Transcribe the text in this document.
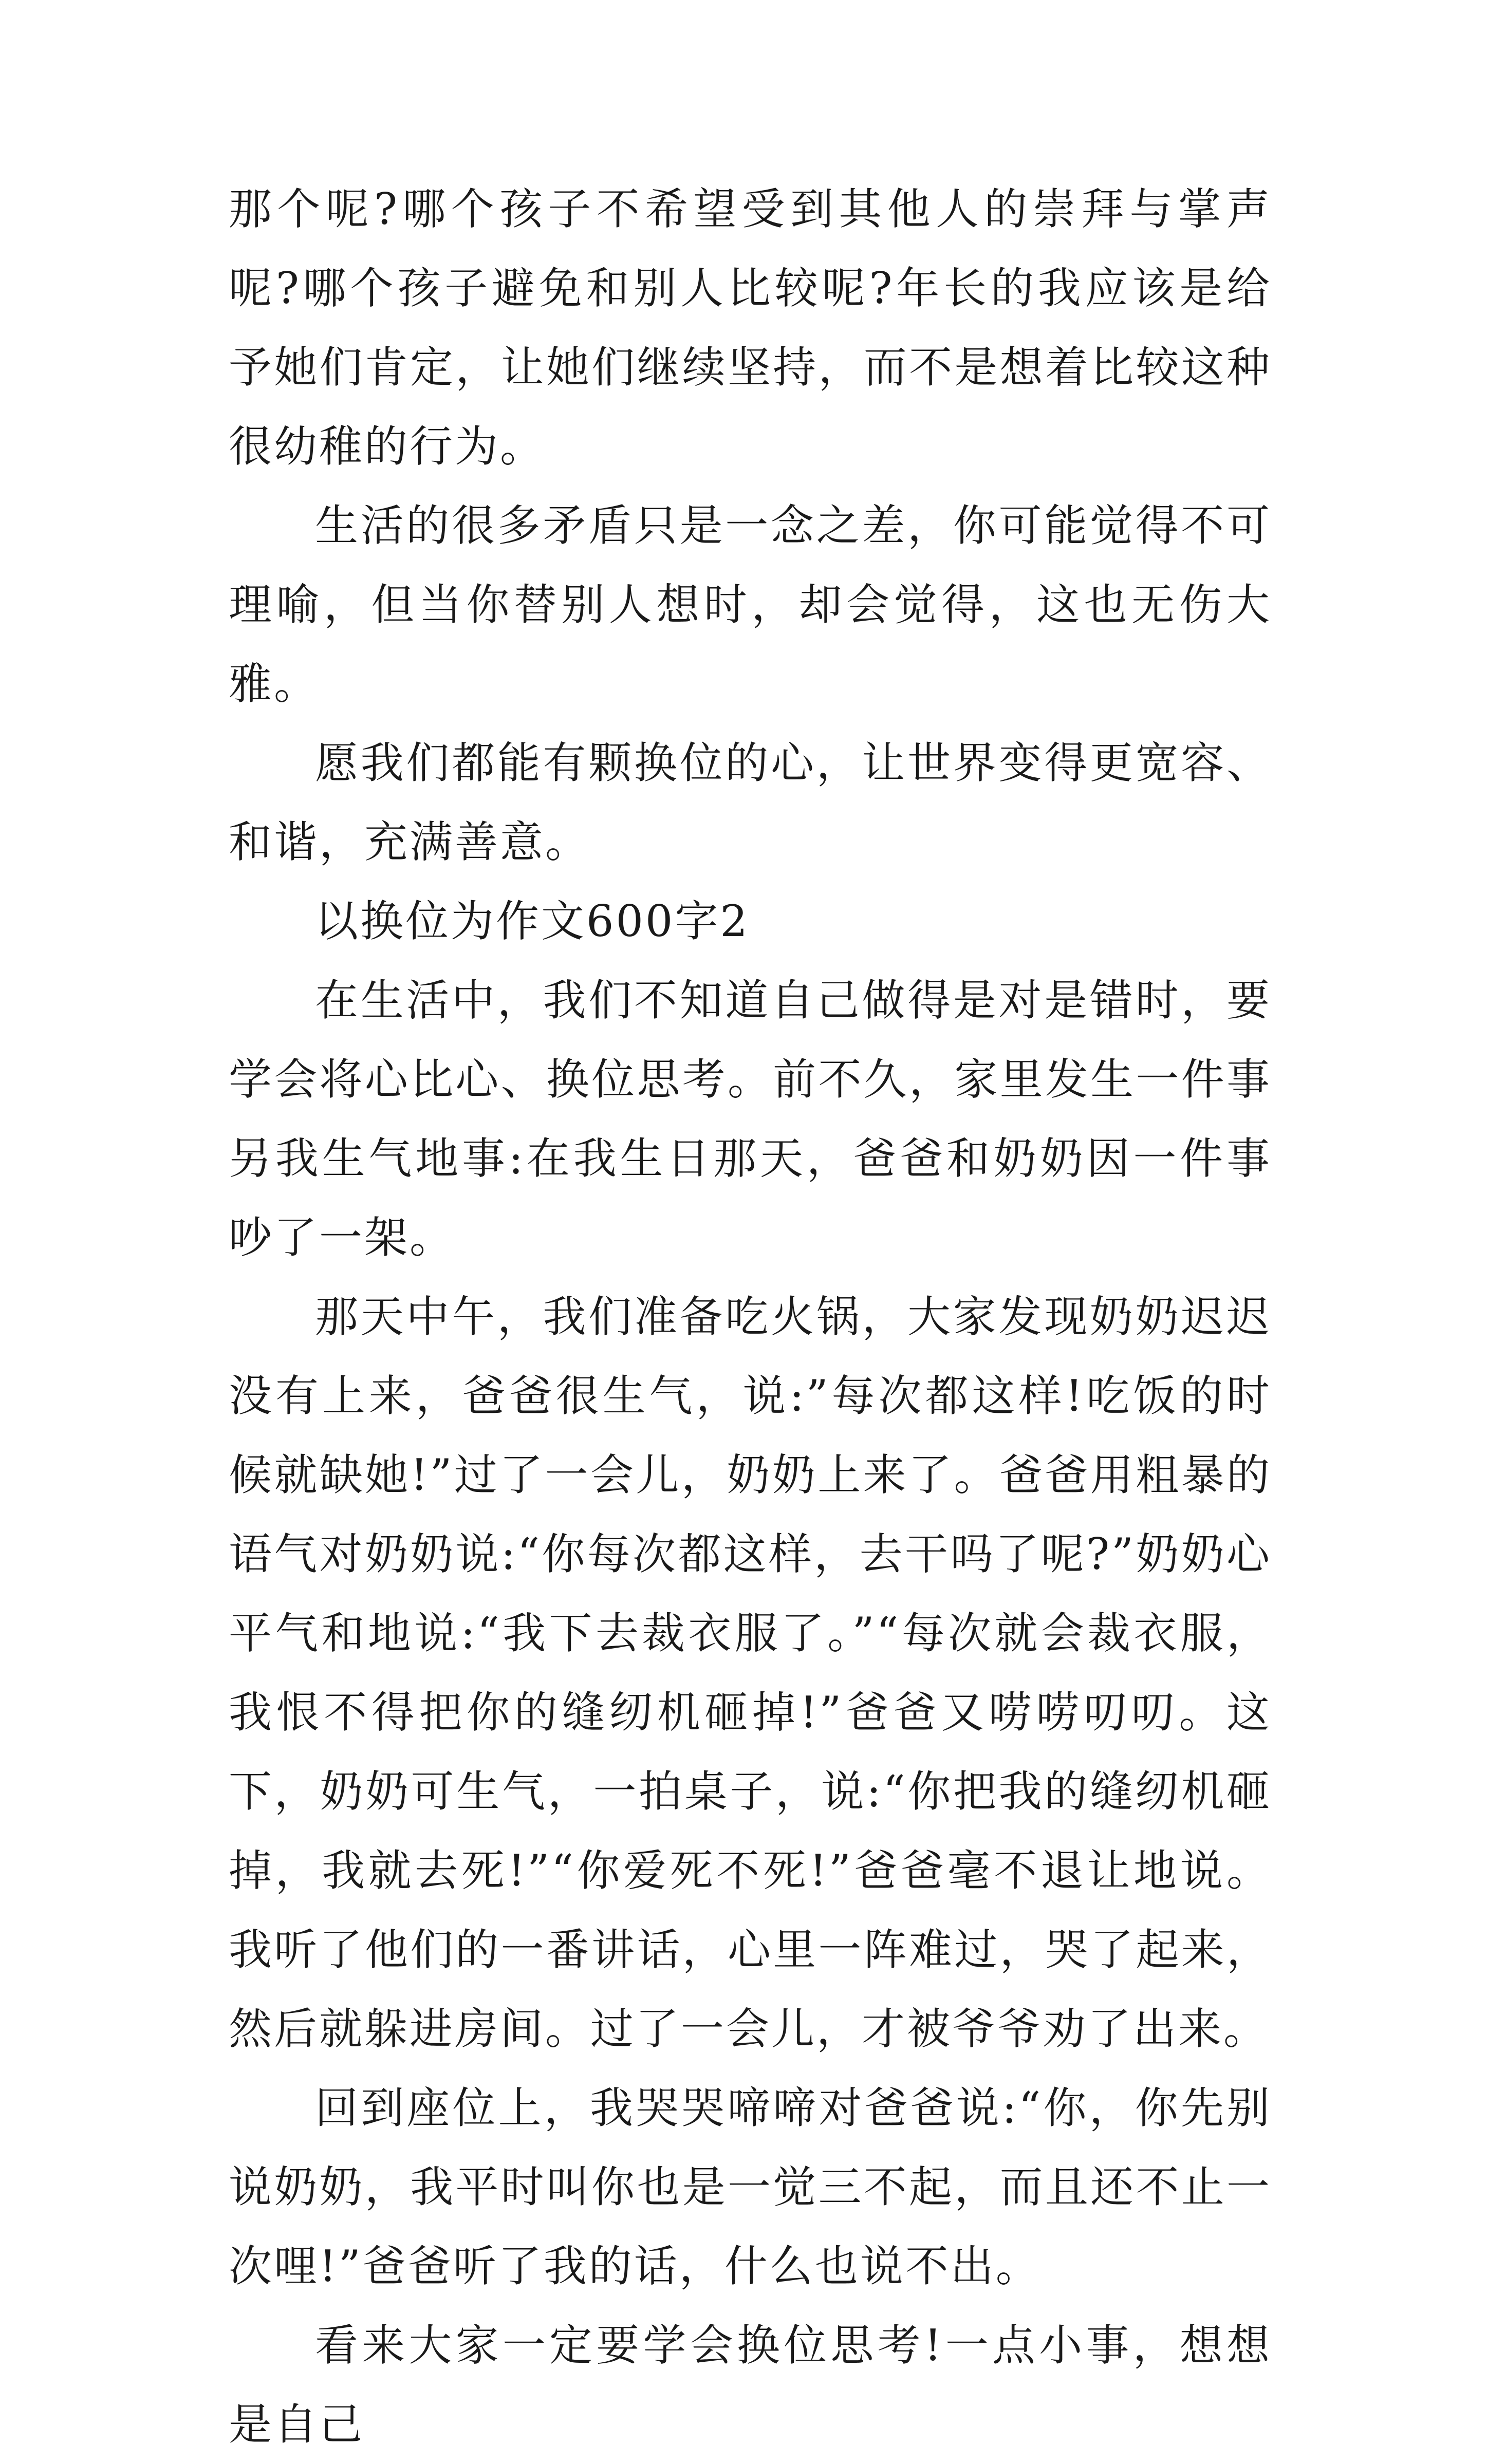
那个呢?哪个孩子不希望受到其他人的崇拜与掌声呢?哪个孩子避免和别人比较呢?年长的我应该是给予她们肯定，让她们继续坚持，而不是想着比较这种很幼稚的行为。

生活的很多矛盾只是一念之差，你可能觉得不可理喻，但当你替别人想时，却会觉得，这也无伤大雅。

愿我们都能有颗换位的心，让世界变得更宽容、和谐，充满善意。

以换位为作文600字2

在生活中，我们不知道自己做得是对是错时，要学会将心比心、换位思考。前不久，家里发生一件事另我生气地事:在我生日那天，爸爸和奶奶因一件事吵了一架。

那天中午，我们准备吃火锅，大家发现奶奶迟迟没有上来，爸爸很生气，说:”每次都这样!吃饭的时候就缺她!”过了一会儿，奶奶上来了。爸爸用粗暴的语气对奶奶说:“你每次都这样，去干吗了呢?”奶奶心平气和地说:“我下去裁衣服了。”“每次就会裁衣服，我恨不得把你的缝纫机砸掉!”爸爸又唠唠叨叨。这下，奶奶可生气，一拍桌子，说:“你把我的缝纫机砸掉，我就去死!”“你爱死不死!”爸爸毫不退让地说。我听了他们的一番讲话，心里一阵难过，哭了起来，然后就躲进房间。过了一会儿，才被爷爷劝了出来。

回到座位上，我哭哭啼啼对爸爸说:“你，你先别说奶奶，我平时叫你也是一觉三不起，而且还不止一次哩!”爸爸听了我的话，什么也说不出。

看来大家一定要学会换位思考!一点小事，想想是自己
